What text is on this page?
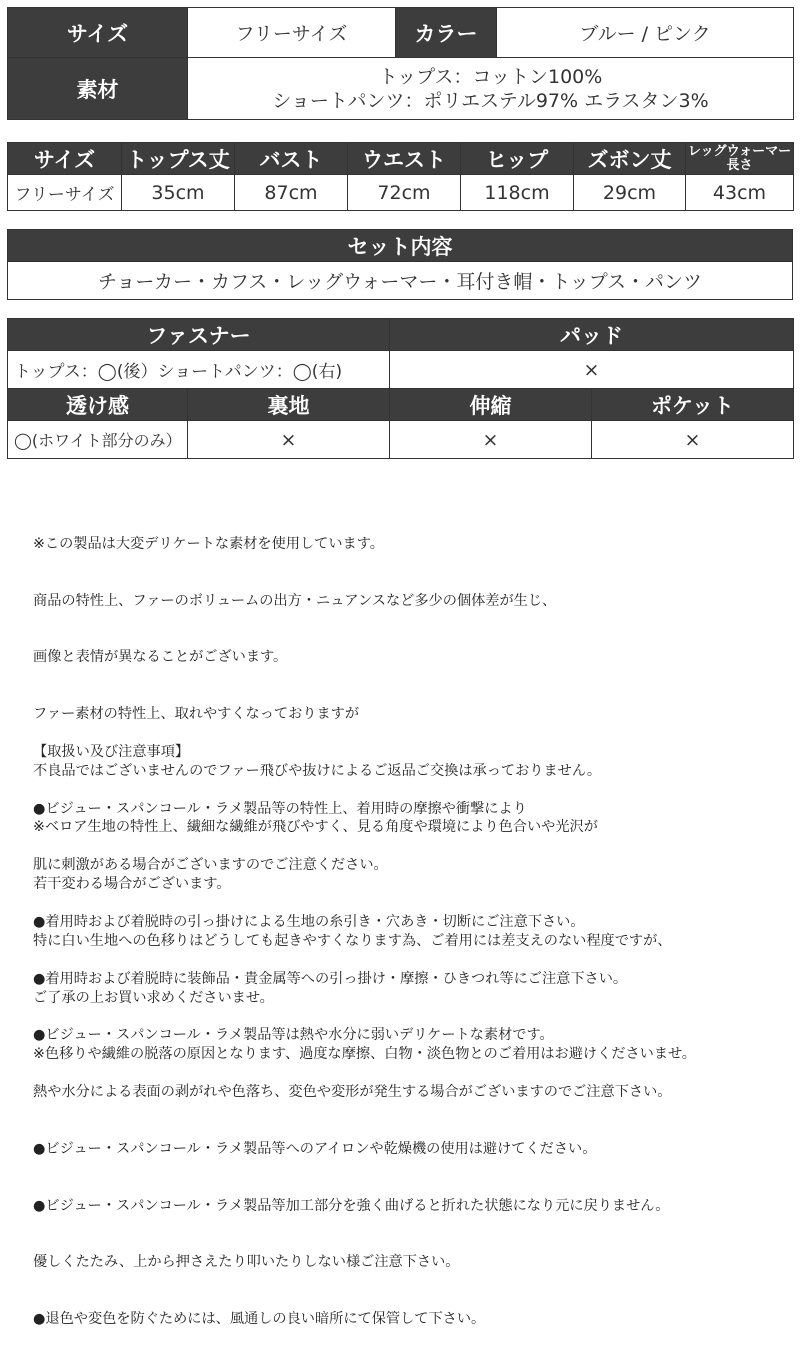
サイズ	フリーサイズ	カラー	ブルー / ピンク
素材	トップス：コットン100%
ショートパンツ：ポリエステル97% エラスタン3%		
サイズ	トップス丈	バスト	ウエスト	ヒップ	ズボン丈	レッグウォーマー
長さ
フリーサイズ	35cm	87cm	72cm	118cm	29cm	43cm
セット内容
チョーカー・カフス・レッグウォーマー・耳付き帽・トップス・パンツ
ファスナー		パッド	
トップス：◯(後）ショートパンツ：◯(右)		×	
透け感	裏地	伸縮	ポケット
◯(ホワイト部分のみ）	×	×	×

※この製品は大変デリケートな素材を使用しています。

商品の特性上、ファーのボリュームの出方・ニュアンスなど多少の個体差が生じ、

画像と表情が異なることがございます。

ファー素材の特性上、取れやすくなっておりますが

不良品ではございませんのでファー飛びや抜けによるご返品ご交換は承っておりません。

※ベロア生地の特性上、繊細な繊維が飛びやすく、見る角度や環境により色合いや光沢が

若干変わる場合がございます。

特に白い生地への色移りはどうしても起きやすくなります為、ご着用には差支えのない程度ですが、

ご了承の上お買い求めくださいませ。

※色移りや繊維の脱落の原因となります、過度な摩擦、白物・淡色物とのご着用はお避けくださいませ。

【取扱い及び注意事項】

●ビジュー・スパンコール・ラメ製品等の特性上、着用時の摩擦や衝撃により

肌に刺激がある場合がございますのでご注意ください。

●着用時および着脱時の引っ掛けによる生地の糸引き・穴あき・切断にご注意下さい。

●着用時および着脱時に装飾品・貴金属等への引っ掛け・摩擦・ひきつれ等にご注意下さい。

●ビジュー・スパンコール・ラメ製品等は熱や水分に弱いデリケートな素材です。

熱や水分による表面の剥がれや色落ち、変色や変形が発生する場合がございますのでご注意下さい。

●ビジュー・スパンコール・ラメ製品等へのアイロンや乾燥機の使用は避けてください。

●ビジュー・スパンコール・ラメ製品等加工部分を強く曲げると折れた状態になり元に戻りません。

優しくたたみ、上から押さえたり叩いたりしない様ご注意下さい。

●退色や変色を防ぐためには、風通しの良い暗所にて保管して下さい。
